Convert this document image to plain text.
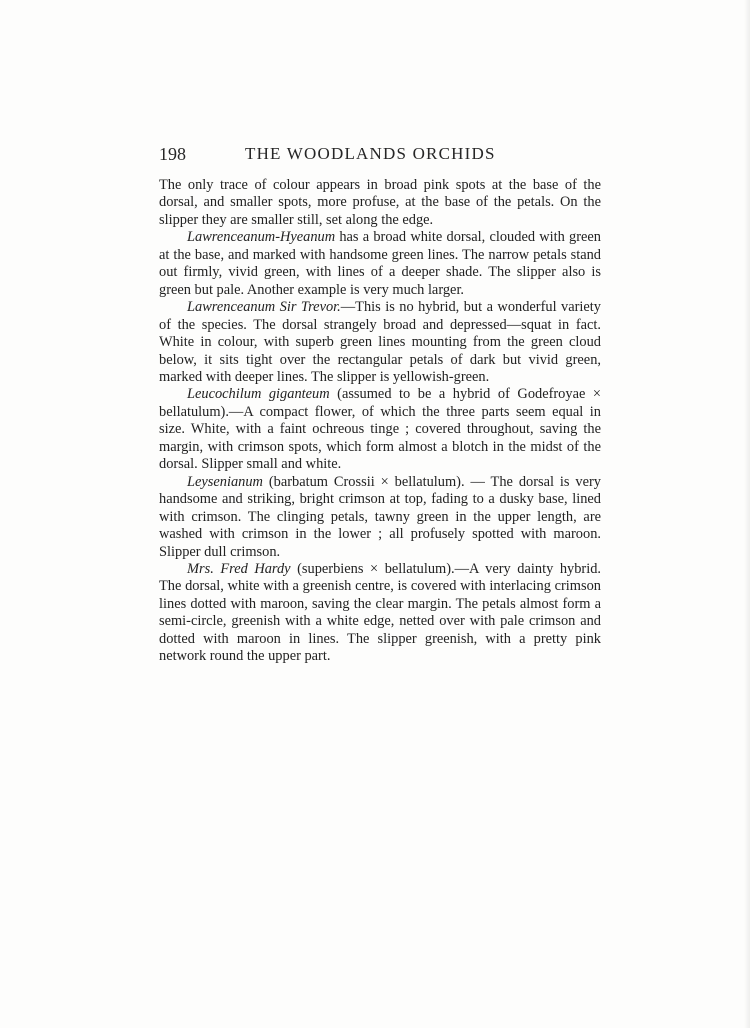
198	THE WOODLANDS ORCHIDS

The only trace of colour appears in broad pink spots at the base of the dorsal, and smaller spots, more profuse, at the base of the petals. On the slipper they are smaller still, set along the edge.

Lawrenceanum-Hyeanum has a broad white dorsal, clouded with green at the base, and marked with handsome green lines. The narrow petals stand out firmly, vivid green, with lines of a deeper shade. The slipper also is green but pale. Another example is very much larger.

Lawrenceanum Sir Trevor.—This is no hybrid, but a wonderful variety of the species. The dorsal strangely broad and depressed—squat in fact. White in colour, with superb green lines mounting from the green cloud below, it sits tight over the rectangular petals of dark but vivid green, marked with deeper lines. The slipper is yellowish-green.

Leucochilum giganteum (assumed to be a hybrid of Godefroyae × bellatulum).—A compact flower, of which the three parts seem equal in size. White, with a faint ochreous tinge ; covered throughout, saving the margin, with crimson spots, which form almost a blotch in the midst of the dorsal. Slipper small and white.

Leysenianum (barbatum Crossii × bellatulum). — The dorsal is very handsome and striking, bright crimson at top, fading to a dusky base, lined with crimson. The clinging petals, tawny green in the upper length, are washed with crimson in the lower ; all profusely spotted with maroon. Slipper dull crimson.

Mrs. Fred Hardy (superbiens × bellatulum).—A very dainty hybrid. The dorsal, white with a greenish centre, is covered with interlacing crimson lines dotted with maroon, saving the clear margin. The petals almost form a semi-circle, greenish with a white edge, netted over with pale crimson and dotted with maroon in lines. The slipper greenish, with a pretty pink network round the upper part.
